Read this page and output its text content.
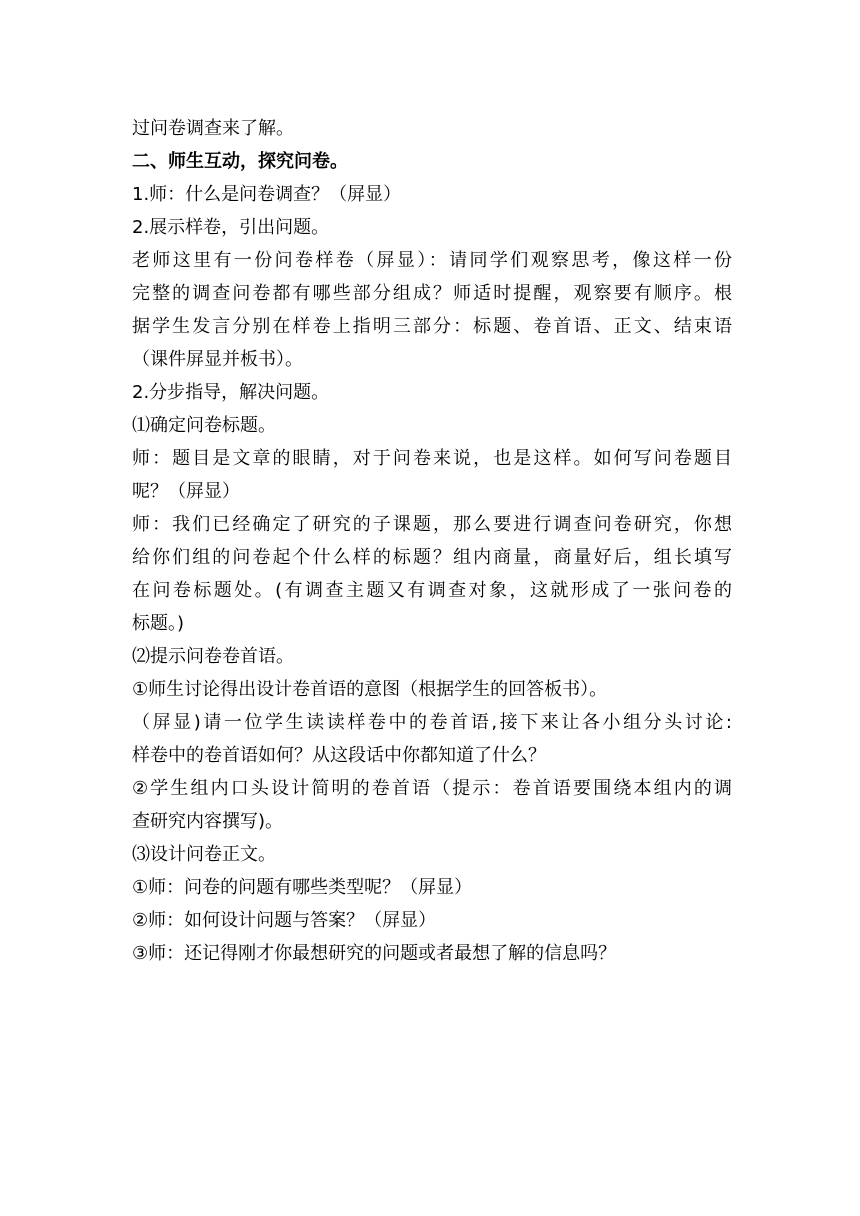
过问卷调查来了解。
二、师生互动，探究问卷。
1.师：什么是问卷调查？（屏显）
2.展示样卷，引出问题。
老师这里有一份问卷样卷（屏显）：请同学们观察思考，像这样一份
完整的调查问卷都有哪些部分组成？师适时提醒，观察要有顺序。根
据学生发言分别在样卷上指明三部分：标题、卷首语、正文、结束语
（课件屏显并板书）。
2.分步指导，解决问题。
⑴确定问卷标题。
师：题目是文章的眼睛，对于问卷来说，也是这样。如何写问卷题目
呢？（屏显）
师：我们已经确定了研究的子课题，那么要进行调查问卷研究，你想
给你们组的问卷起个什么样的标题？组内商量，商量好后，组长填写
在问卷标题处。(有调查主题又有调查对象，这就形成了一张问卷的
标题。)
⑵提示问卷卷首语。
①师生讨论得出设计卷首语的意图（根据学生的回答板书）。
（屏显)请一位学生读读样卷中的卷首语,接下来让各小组分头讨论:
样卷中的卷首语如何？从这段话中你都知道了什么？
②学生组内口头设计简明的卷首语（提示：卷首语要围绕本组内的调
查研究内容撰写)。
⑶设计问卷正文。
①师：问卷的问题有哪些类型呢？（屏显）
②师：如何设计问题与答案？（屏显）
③师：还记得刚才你最想研究的问题或者最想了解的信息吗？
